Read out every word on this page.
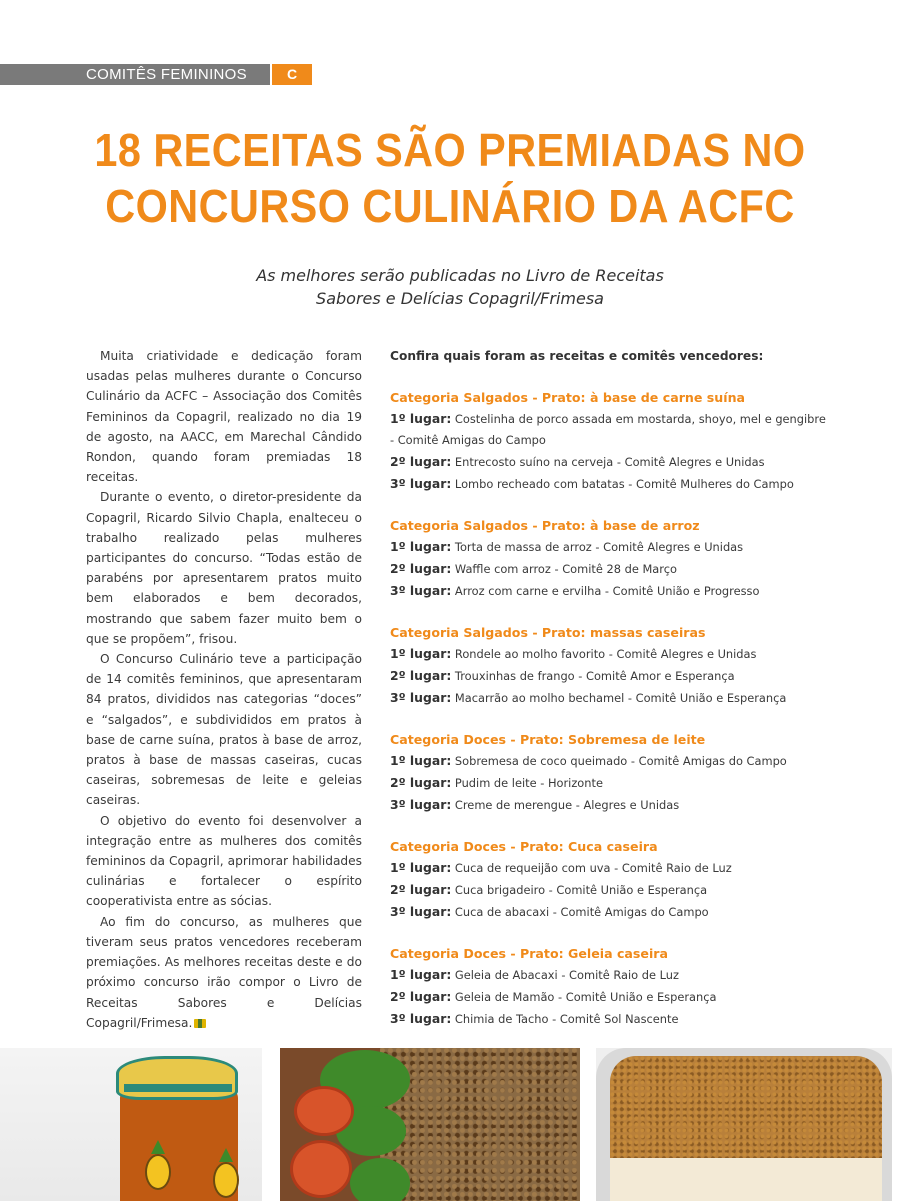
COMITÊS FEMININOS	C
18 RECEITAS SÃO PREMIADAS NO
CONCURSO CULINÁRIO DA ACFC
As melhores serão publicadas no Livro de Receitas
Sabores e Delícias Copagril/Frimesa

Muita criatividade e dedicação foram usadas pelas mulheres durante o Concurso Culinário da ACFC – Associação dos Comitês Femininos da Copagril, realizado no dia 19 de agosto, na AACC, em Marechal Cândido Rondon, quando foram premiadas 18 receitas.

Durante o evento, o diretor-presidente da Copagril, Ricardo Silvio Chapla, enalteceu o trabalho realizado pelas mulheres participantes do concurso. “Todas estão de parabéns por apresentarem pratos muito bem elaborados e bem decorados, mostrando que sabem fazer muito bem o que se propõem”, frisou.

O Concurso Culinário teve a participação de 14 comitês femininos, que apresentaram 84 pratos, divididos nas categorias “doces” e “salgados”, e subdivididos em pratos à base de carne suína, pratos à base de arroz, pratos à base de massas caseiras, cucas caseiras, sobremesas de leite e geleias caseiras.

O objetivo do evento foi desenvolver a integração entre as mulheres dos comitês femininos da Copagril, aprimorar habilidades culinárias e fortalecer o espírito cooperativista entre as sócias.

Ao fim do concurso, as mulheres que tiveram seus pratos vencedores receberam premiações. As melhores receitas deste e do próximo concurso irão compor o Livro de Receitas Sabores e Delícias Copagril/Frimesa.

Confira quais foram as receitas e comitês vencedores:
Categoria Salgados - Prato: à base de carne suína
1º lugar: Costelinha de porco assada em mostarda, shoyo, mel e gengibre - Comitê Amigas do Campo
2º lugar: Entrecosto suíno na cerveja - Comitê Alegres e Unidas
3º lugar: Lombo recheado com batatas - Comitê Mulheres do Campo
Categoria Salgados - Prato: à base de arroz
1º lugar: Torta de massa de arroz - Comitê Alegres e Unidas
2º lugar: Waffle com arroz - Comitê 28 de Março
3º lugar: Arroz com carne e ervilha - Comitê União e Progresso
Categoria Salgados - Prato: massas caseiras
1º lugar: Rondele ao molho favorito - Comitê Alegres e Unidas
2º lugar: Trouxinhas de frango - Comitê Amor e Esperança
3º lugar: Macarrão ao molho bechamel - Comitê União e Esperança
Categoria Doces - Prato: Sobremesa de leite
1º lugar: Sobremesa de coco queimado - Comitê Amigas do Campo
2º lugar: Pudim de leite - Horizonte
3º lugar: Creme de merengue - Alegres e Unidas
Categoria Doces - Prato: Cuca caseira
1º lugar: Cuca de requeijão com uva - Comitê Raio de Luz
2º lugar: Cuca brigadeiro - Comitê União e Esperança
3º lugar: Cuca de abacaxi - Comitê Amigas do Campo
Categoria Doces - Prato: Geleia caseira
1º lugar: Geleia de Abacaxi - Comitê Raio de Luz
2º lugar: Geleia de Mamão - Comitê União e Esperança
3º lugar: Chimia de Tacho - Comitê Sol Nascente
